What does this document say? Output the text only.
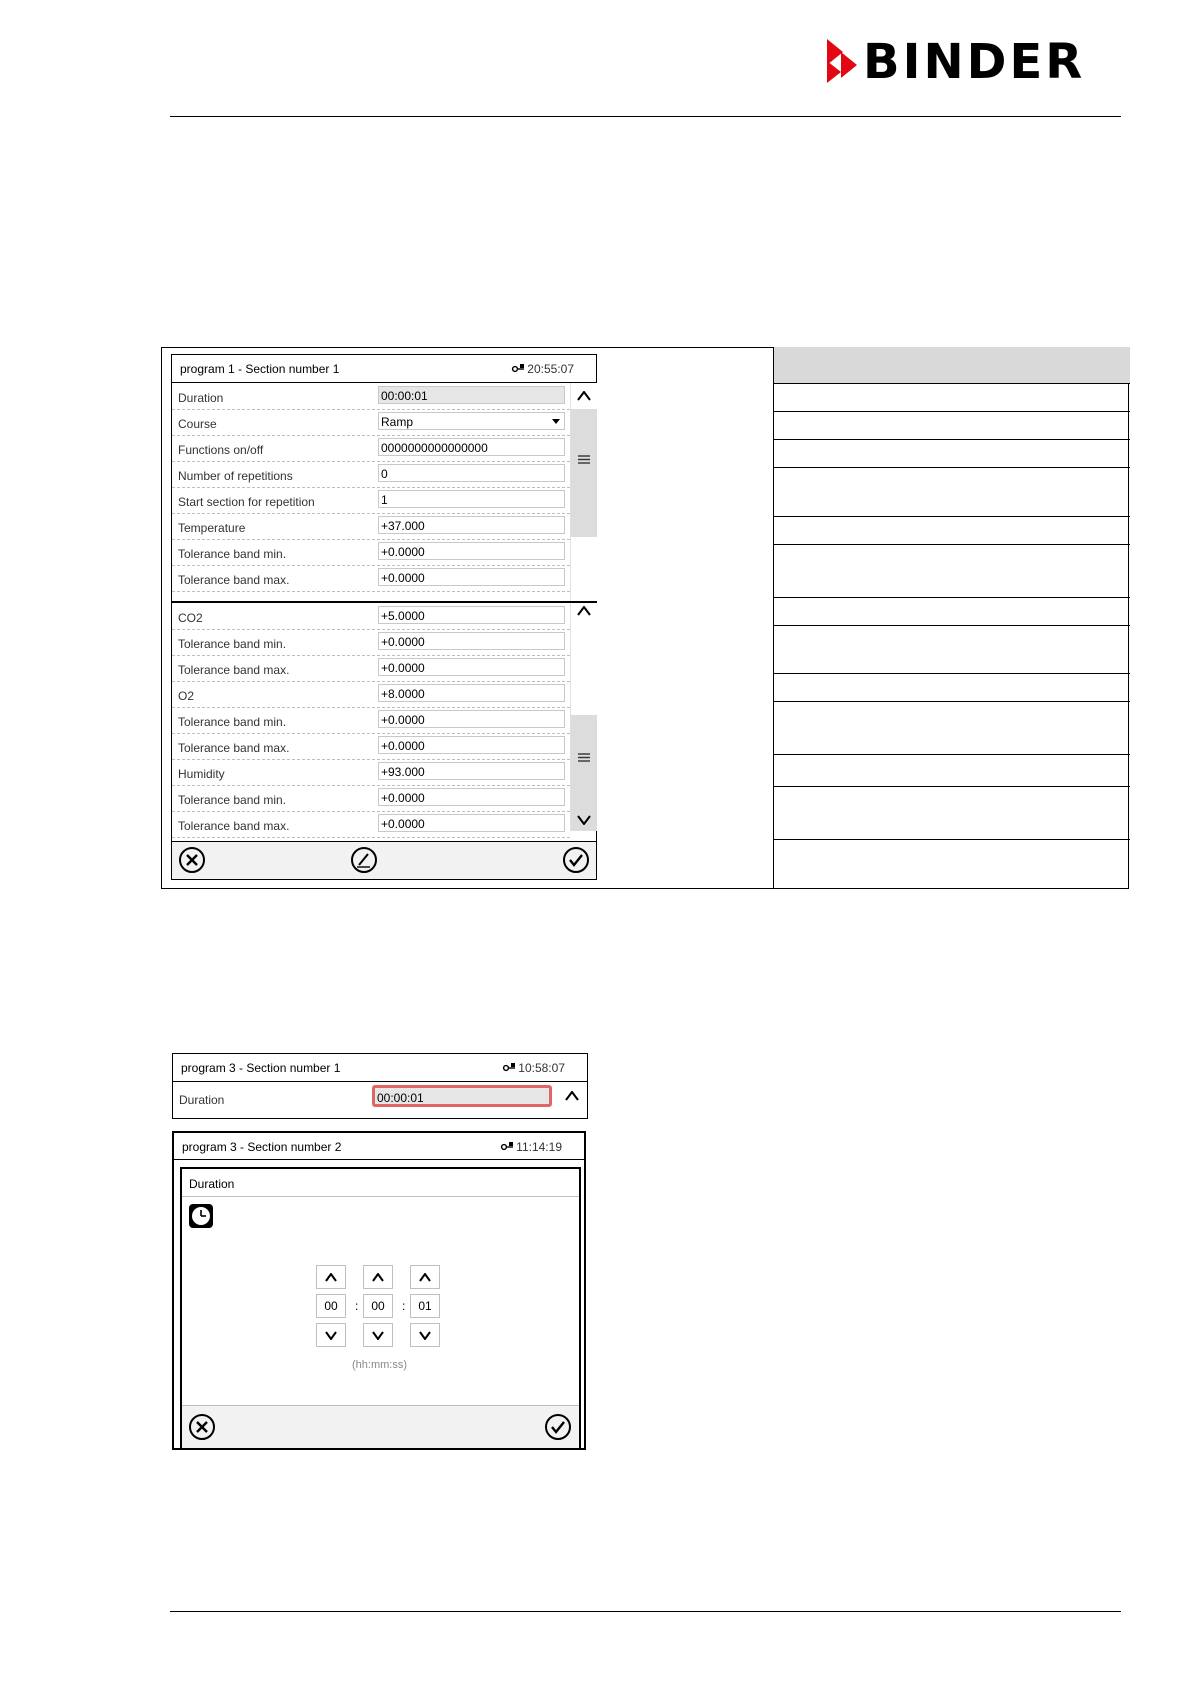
BINDER
program 1 - Section number 1	20:55:07
Duration	00:00:01
Course	Ramp
Functions on/off	0000000000000000
Number of repetitions	0
Start section for repetition	1
Temperature	+37.000
Tolerance band min.	+0.0000
Tolerance band max.	+0.0000
CO2	+5.0000
Tolerance band min.	+0.0000
Tolerance band max.	+0.0000
O2	+8.0000
Tolerance band min.	+0.0000
Tolerance band max.	+0.0000
Humidity	+93.000
Tolerance band min.	+0.0000
Tolerance band max.	+0.0000
program 3 - Section number 1	10:58:07
Duration	00:00:01
program 3 - Section number 2	11:14:19
Duration
00	:	00	:	01
(hh:mm:ss)
